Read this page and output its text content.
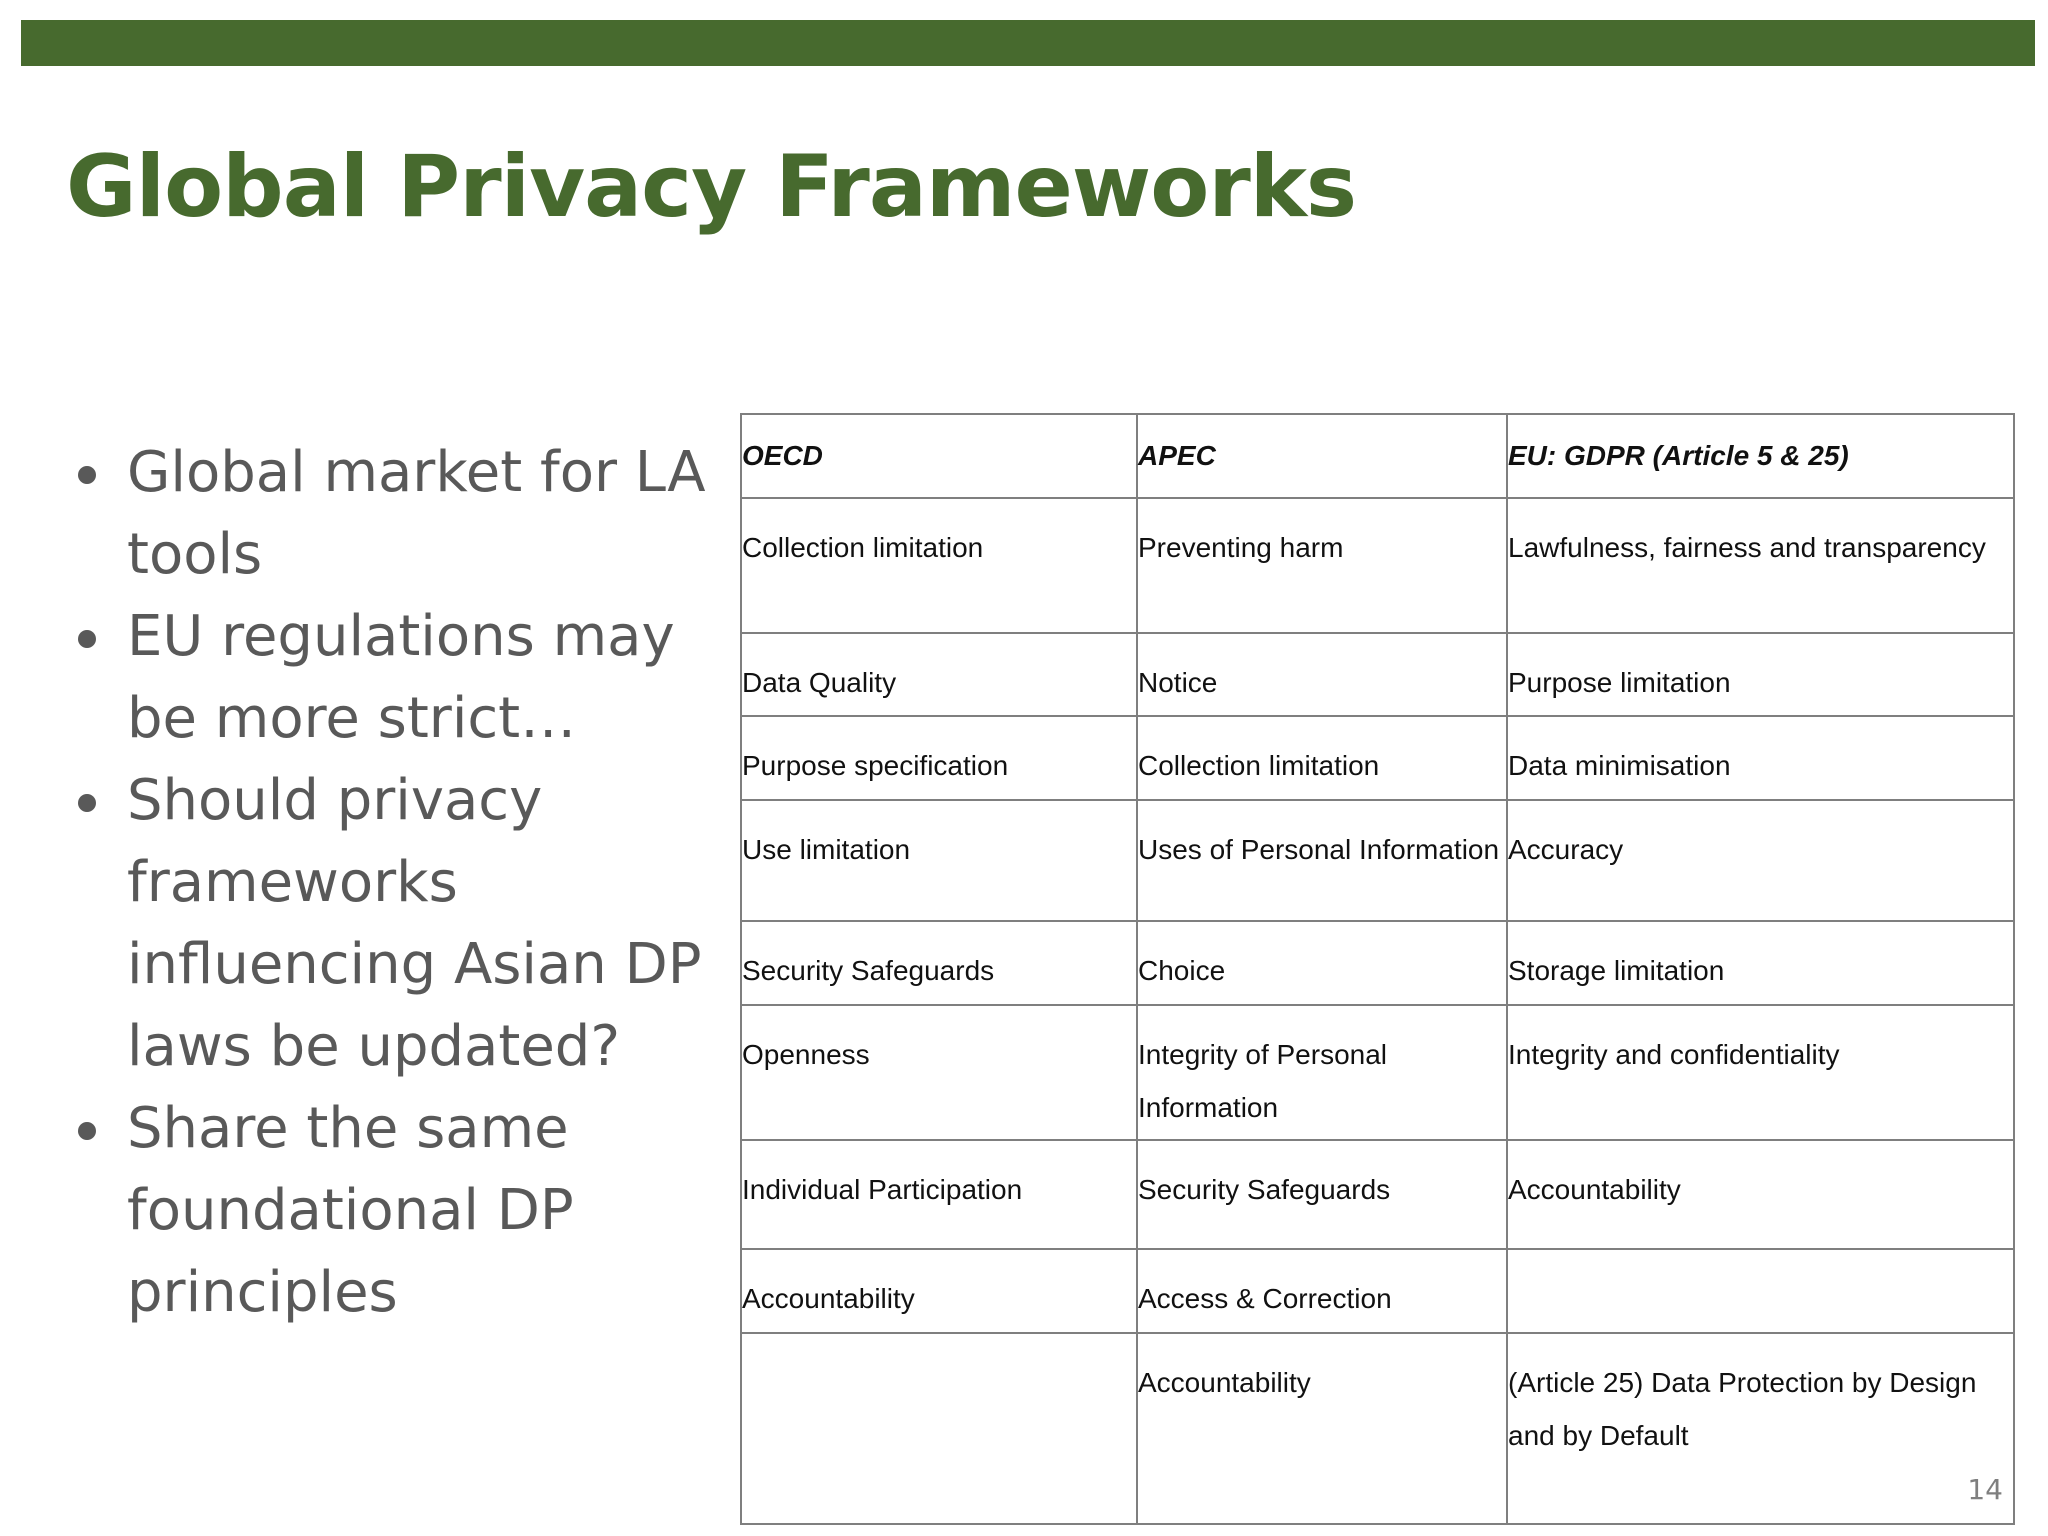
Global Privacy Frameworks
Global market for LA tools
EU regulations may be more strict…
Should privacy frameworks influencing Asian DP laws be updated?
Share the same foundational DP principles
OECD	APEC	EU: GDPR (Article 5 & 25)
Collection limitation	Preventing harm	Lawfulness, fairness and transparency
Data Quality	Notice	Purpose limitation
Purpose specification	Collection limitation	Data minimisation
Use limitation	Uses of Personal Information	Accuracy
Security Safeguards	Choice	Storage limitation
Openness	Integrity of Personal Information	Integrity and confidentiality
Individual Participation	Security Safeguards	Accountability
Accountability	Access & Correction	
	Accountability	(Article 25) Data Protection by Design and by Default
14
